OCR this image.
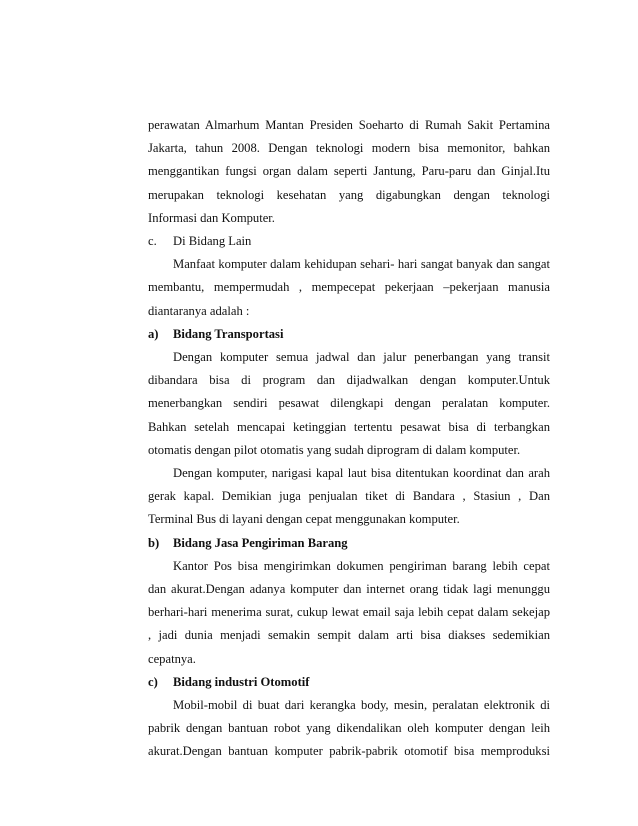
perawatan Almarhum Mantan Presiden Soeharto di Rumah Sakit Pertamina

Jakarta, tahun 2008. Dengan teknologi modern bisa memonitor, bahkan

menggantikan fungsi organ dalam seperti Jantung, Paru-paru dan Ginjal.Itu

merupakan teknologi kesehatan yang digabungkan dengan teknologi

Informasi dan Komputer.

c. Di Bidang Lain

Manfaat komputer dalam kehidupan sehari- hari sangat banyak dan sangat

membantu, mempermudah , mempecepat pekerjaan –pekerjaan manusia

diantaranya adalah :

a) Bidang Transportasi

Dengan komputer semua jadwal dan jalur penerbangan yang transit

dibandara bisa di program dan dijadwalkan dengan komputer.Untuk

menerbangkan sendiri pesawat dilengkapi dengan peralatan komputer.

Bahkan setelah mencapai ketinggian tertentu pesawat bisa di terbangkan

otomatis dengan pilot otomatis yang sudah diprogram di dalam komputer.

Dengan komputer, narigasi kapal laut bisa ditentukan koordinat dan arah

gerak kapal. Demikian juga penjualan tiket di Bandara , Stasiun , Dan

Terminal Bus di layani dengan cepat menggunakan komputer.

b) Bidang Jasa Pengiriman Barang

Kantor Pos bisa mengirimkan dokumen pengiriman barang lebih cepat

dan akurat.Dengan adanya komputer dan internet orang tidak lagi menunggu

berhari-hari menerima surat, cukup lewat email saja lebih cepat dalam sekejap

, jadi dunia menjadi semakin sempit dalam arti bisa diakses sedemikian

cepatnya.

c) Bidang industri Otomotif

Mobil-mobil di buat dari kerangka body, mesin, peralatan elektronik di

pabrik dengan bantuan robot yang dikendalikan oleh komputer dengan leih

akurat.Dengan bantuan komputer pabrik-pabrik otomotif bisa memproduksi
